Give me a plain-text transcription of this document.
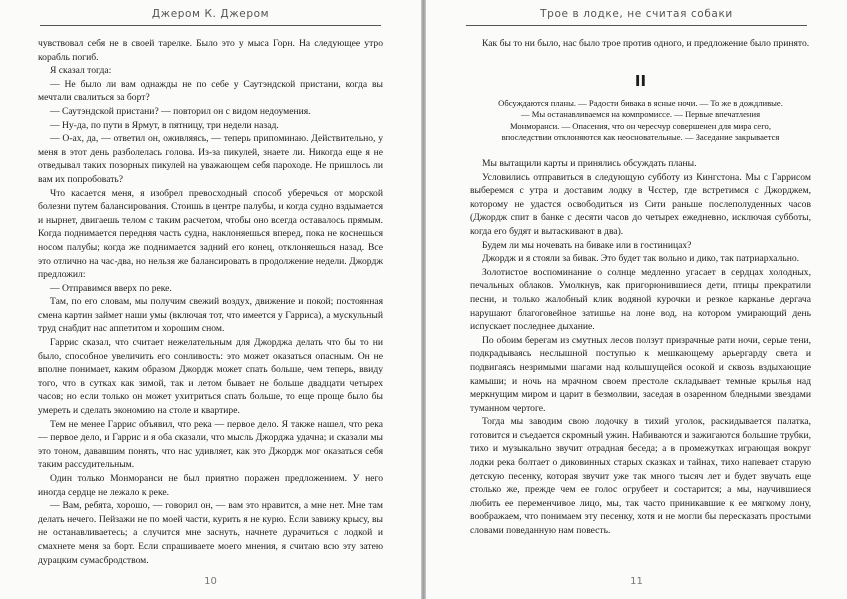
Джером К. Джером

чувствовал себя не в своей тарелке. Было это у мыса Горн. На следующее утро корабль погиб.

Я сказал тогда:

— Не было ли вам однажды не по себе у Саутэндской пристани, когда вы мечтали свалиться за борт?

— Саутэндской пристани? — повторил он с видом недоумения.

— Ну-да, по пути в Ярмут, в пятницу, три недели назад.

— О-ах, да, — ответил он, оживляясь, — теперь припоминаю. Действительно, у меня в этот день разболелась голова. Из-за пикулей, знаете ли. Никогда еще я не отведывал таких позорных пикулей на уважающем себя пароходе. Не пришлось ли вам их попробовать?

Что касается меня, я изобрел превосходный способ уберечься от морской болезни путем балансирования. Стоишь в центре палубы, и когда судно вздымается и нырнет, двигаешь телом с таким расчетом, чтобы оно всегда оставалось прямым. Когда поднимается передняя часть судна, наклоняешься вперед, пока не коснешься носом палубы; когда же поднимается задний его конец, отклоняешься назад. Все это отлично на час-два, но нельзя же балансировать в продолжение недели. Джордж предложил:

— Отправимся вверх по реке.

Там, по его словам, мы получим свежий воздух, движение и покой; постоянная смена картин займет наши умы (включая тот, что имеется у Гарриса), а мускульный труд снабдит нас аппетитом и хорошим сном.

Гаррис сказал, что считает нежелательным для Джорджа делать что бы то ни было, способное увеличить его сонливость: это может оказаться опасным. Он не вполне понимает, каким образом Джордж может спать больше, чем теперь, ввиду того, что в сутках как зимой, так и летом бывает не больше двадцати четырех часов; но если только он может ухитриться спать больше, то еще проще было бы умереть и сделать экономию на столе и квартире.

Тем не менее Гаррис объявил, что река — первое дело. Я также нашел, что река — первое дело, и Гаррис и я оба сказали, что мысль Джорджа удачна; и сказали мы это тоном, дававшим понять, что нас удивляет, как это Джордж мог оказаться себя таким рассудительным.

Один только Монморанси не был приятно поражен предложением. У него иногда сердце не лежало к реке.

— Вам, ребята, хорошо, — говорил он, — вам это нравится, а мне нет. Мне там делать нечего. Пейзажи не по моей части, курить я не курю. Если завижу крысу, вы не останавливаетесь; а случится мне заснуть, начнете дурачиться с лодкой и смахнете меня за борт. Если спрашиваете моего мнения, я считаю всю эту затею дурацким сумасбродством.

10
Трое в лодке, не считая собаки

Как бы то ни было, нас было трое против одного, и предложение было принято.

II
Обсуждаются планы. — Радости бивака в ясные ночи. — То же в дождливые. — Мы останавливаемся на компромиссе. — Первые впечатления Монморанси. — Опасения, что он чересчур совершенен для мира сего, впоследствии отклоняются как неосновательные. — Заседание закрывается

Мы вытащили карты и принялись обсуждать планы.

Условились отправиться в следующую субботу из Кингстона. Мы с Гаррисом выберемся с утра и доставим лодку в Чєстер, где встретимся с Джорджем, которому не удастся освободиться из Сити раньше послеполуденных часов (Джордж спит в банке с десяти часов до четырех ежедневно, исключая субботы, когда его будят и вытаскивают в два).

Будем ли мы ночевать на биваке или в гостиницах?

Джордж и я стояли за бивак. Это будет так вольно и дико, так патриархально.

Золотистое воспоминание о солнце медленно угасает в сердцах холодных, печальных облаков. Умолкнув, как пригорюнившиеся дети, птицы прекратили песни, и только жалобный клик водяной курочки и резкое карканье дергача нарушают благоговейное затишье на лоне вод, на котором умирающий день испускает последнее дыхание.

По обоим берегам из смутных лесов ползут призрачные рати ночи, серые тени, подкрадываясь неслышной поступью к мешкающему арьергарду света и подвигаясь незримыми шагами над колышущейся осокой и сквозь вздыхающие камыши; и ночь на мрачном своем престоле складывает темные крылья над меркнущим миром и царит в безмолвии, заседая в озаренном бледными звездами туманном чертоге.

Тогда мы заводим свою лодочку в тихий уголок, раскидывается палатка, готовится и съедается скромный ужин. Набиваются и зажигаются большие трубки, тихо и музыкально звучит отрадная беседа; а в промежутках играющая вокруг лодки река болтает о диковинных старых сказках и тайнах, тихо напевает старую детскую песенку, которая звучит уже так много тысяч лет и будет звучать еще столько же, прежде чем ее голос огрубеет и состарится; а мы, научившиеся любить ее переменчивое лицо, мы, так часто приникавшие к ее мягкому лону, воображаем, что понимаем эту песенку, хотя и не могли бы пересказать простыми словами поведанную нам повесть.

11
